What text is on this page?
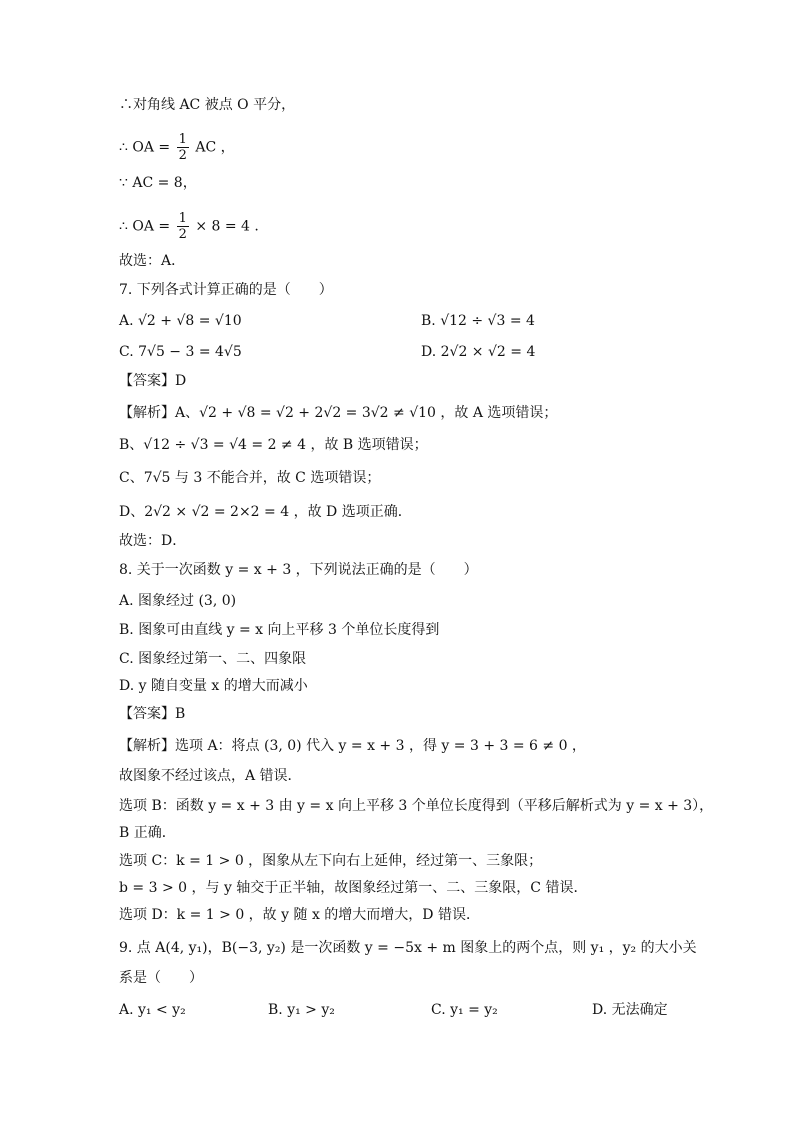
∴对角线 AC 被点 O 平分，
∴ OA = $\frac{1}{2}$ AC ，
∵ AC = 8，
∴ OA = $\frac{1}{2} \times 8 = 4$ .
故选：A．
7. 下列各式计算正确的是（　　）
A. √2 + √8 = √10	B. √12 ÷ √3 = 4
C. 7√5 − 3 = 4√5	D. 2√2 × √2 = 4
【答案】D
【解析】A、√2 + √8 = √2 + 2√2 = 3√2 ≠ √10 ，故 A 选项错误；
B、√12 ÷ √3 = √4 = 2 ≠ 4 ，故 B 选项错误；
C、7√5 与 3 不能合并，故 C 选项错误；
D、2√2 × √2 = 2×2 = 4 ，故 D 选项正确．
故选：D．
8. 关于一次函数 y = x + 3 ，下列说法正确的是（　　）
A. 图象经过 (3, 0)
B. 图象可由直线 y = x 向上平移 3 个单位长度得到
C. 图象经过第一、二、四象限
D. y 随自变量 x 的增大而减小
【答案】B
【解析】选项 A：将点 (3, 0) 代入 y = x + 3 ，得 y = 3 + 3 = 6 ≠ 0 ，
故图象不经过该点，A 错误．
选项 B：函数 y = x + 3 由 y = x 向上平移 3 个单位长度得到（平移后解析式为 y = x + 3），
B 正确．
选项 C：k = 1 > 0 ，图象从左下向右上延伸，经过第一、三象限；
b = 3 > 0 ，与 y 轴交于正半轴，故图象经过第一、二、三象限，C 错误．
选项 D：k = 1 > 0 ，故 y 随 x 的增大而增大，D 错误．
9. 点 A(4, y₁)，B(−3, y₂) 是一次函数 y = −5x + m 图象上的两个点，则 y₁ ，y₂ 的大小关
系是（　　）
A. y₁ < y₂	B. y₁ > y₂	C. y₁ = y₂	D. 无法确定
